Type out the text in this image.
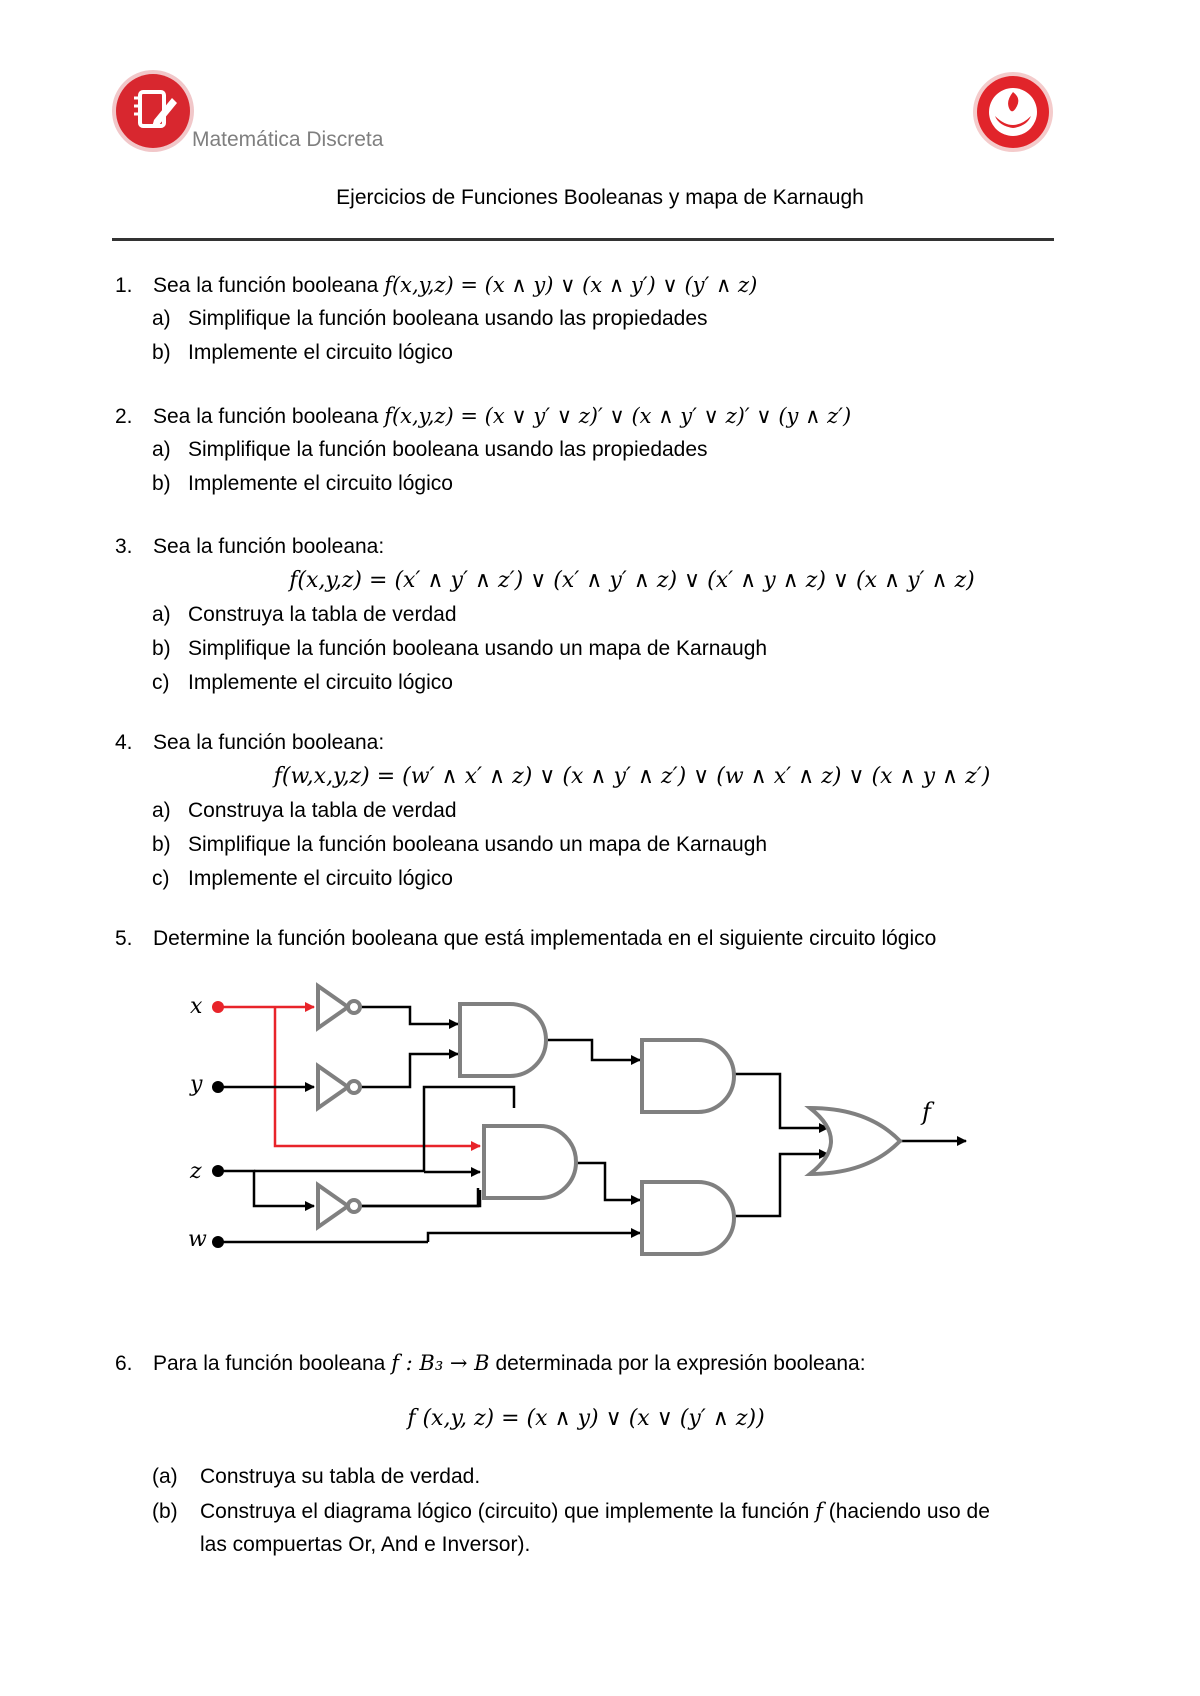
Matemática Discreta
Ejercicios de Funciones Booleanas y mapa de Karnaugh
1. Sea la función booleana f(x,y,z) = (x ∧ y) ∨ (x ∧ y′) ∨ (y′ ∧ z)
a) Simplifique la función booleana usando las propiedades
b) Implemente el circuito lógico
2. Sea la función booleana f(x,y,z) = (x ∨ y′ ∨ z)′ ∨ (x ∧ y′ ∨ z)′ ∨ (y ∧ z′)
a) Simplifique la función booleana usando las propiedades
b) Implemente el circuito lógico
3. Sea la función booleana:
f(x,y,z) = (x′ ∧ y′ ∧ z′) ∨ (x′ ∧ y′ ∧ z) ∨ (x′ ∧ y ∧ z) ∨ (x ∧ y′ ∧ z)
a) Construya la tabla de verdad
b) Simplifique la función booleana usando un mapa de Karnaugh
c) Implemente el circuito lógico
4. Sea la función booleana:
f(w,x,y,z) = (w′ ∧ x′ ∧ z) ∨ (x ∧ y′ ∧ z′) ∨ (w ∧ x′ ∧ z) ∨ (x ∧ y ∧ z′)
a) Construya la tabla de verdad
b) Simplifique la función booleana usando un mapa de Karnaugh
c) Implemente el circuito lógico
5. Determine la función booleana que está implementada en el siguiente circuito lógico
x
y
z
w
f
6. Para la función booleana f : B₃ → B determinada por la expresión booleana:
f (x,y, z) = (x ∧ y) ∨ (x ∨ (y′ ∧ z))
(a) Construya su tabla de verdad.
(b) Construya el diagrama lógico (circuito) que implemente la función f (haciendo uso de
las compuertas Or, And e Inversor).
